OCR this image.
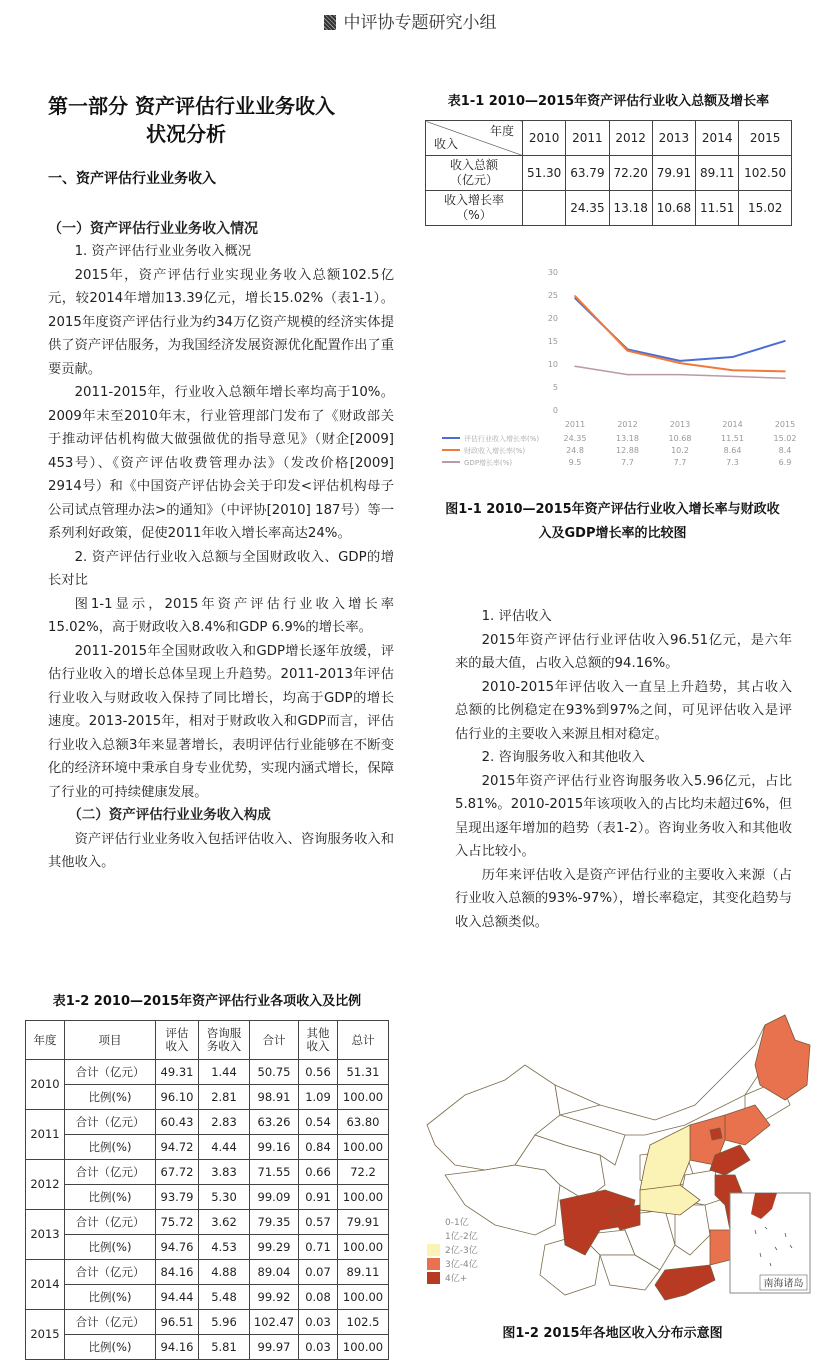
中评协专题研究小组
第一部分 资产评估行业业务收入
状况分析
一、资产评估行业业务收入
（一）资产评估行业业务收入情况

1. 资产评估行业业务收入概况

2015年，资产评估行业实现业务收入总额102.5亿元，较2014年增加13.39亿元，增长15.02%（表1-1）。2015年度资产评估行业为约34万亿资产规模的经济实体提供了资产评估服务，为我国经济发展资源优化配置作出了重要贡献。

2011-2015年，行业收入总额年增长率均高于10%。2009年末至2010年末，行业管理部门发布了《财政部关于推动评估机构做大做强做优的指导意见》（财企[2009] 453号）、《资产评估收费管理办法》（发改价格[2009] 2914号）和《中国资产评估协会关于印发<评估机构母子公司试点管理办法>的通知》（中评协[2010] 187号）等一系列利好政策，促使2011年收入增长率高达24%。

2. 资产评估行业收入总额与全国财政收入、GDP的增长对比

图1-1显示，2015年资产评估行业收入增长率15.02%，高于财政收入8.4%和GDP 6.9%的增长率。

2011-2015年全国财政收入和GDP增长逐年放缓，评估行业收入的增长总体呈现上升趋势。2011-2013年评估行业收入与财政收入保持了同比增长，均高于GDP的增长速度。2013-2015年，相对于财政收入和GDP而言，评估行业收入总额3年来显著增长，表明评估行业能够在不断变化的经济环境中秉承自身专业优势，实现内涵式增长，保障了行业的可持续健康发展。

（二）资产评估行业业务收入构成

资产评估行业业务收入包括评估收入、咨询服务收入和其他收入。

表1-1 2010—2015年资产评估行业收入总额及增长率
年度
收入	2010	2011	2012	2013	2014	2015
收入总额
（亿元）	51.30	63.79	72.20	79.91	89.11	102.50
收入增长率
（%）		24.35	13.18	10.68	11.51	15.02
0
5
10
15
20
25
30
2011	2012	2013	2014	2015
评估行业收入增长率(%)	24.35	13.18	10.68	11.51	15.02
财政收入增长率(%)	24.8	12.88	10.2	8.64	8.4
GDP增长率(%)	9.5	7.7	7.7	7.3	6.9
图1-1 2010—2015年资产评估行业收入增长率与财政收
入及GDP增长率的比较图

1. 评估收入

2015年资产评估行业评估收入96.51亿元，是六年来的最大值，占收入总额的94.16%。

2010-2015年评估收入一直呈上升趋势，其占收入总额的比例稳定在93%到97%之间，可见评估收入是评估行业的主要收入来源且相对稳定。

2. 咨询服务收入和其他收入

2015年资产评估行业咨询服务收入5.96亿元，占比5.81%。2010-2015年该项收入的占比均未超过6%，但呈现出逐年增加的趋势（表1-2）。咨询业务收入和其他收入占比较小。

历年来评估收入是资产评估行业的主要收入来源（占行业收入总额的93%-97%），增长率稳定，其变化趋势与收入总额类似。

表1-2 2010—2015年资产评估行业各项收入及比例
年度	项目	评估
收入	咨询服
务收入	合计	其他
收入	总计
2010	合计（亿元）	49.31	1.44	50.75	0.56	51.31
	比例(%)	96.10	2.81	98.91	1.09	100.00
2011	合计（亿元）	60.43	2.83	63.26	0.54	63.80
	比例(%)	94.72	4.44	99.16	0.84	100.00
2012	合计（亿元）	67.72	3.83	71.55	0.66	72.2
	比例(%)	93.79	5.30	99.09	0.91	100.00
2013	合计（亿元）	75.72	3.62	79.35	0.57	79.91
	比例(%)	94.76	4.53	99.29	0.71	100.00
2014	合计（亿元）	84.16	4.88	89.04	0.07	89.11
	比例(%)	94.44	5.48	99.92	0.08	100.00
2015	合计（亿元）	96.51	5.96	102.47	0.03	102.5
	比例(%)	94.16	5.81	99.97	0.03	100.00
0-1亿
1亿-2亿
2亿-3亿
3亿-4亿
4亿+	南海诸岛
图1-2 2015年各地区收入分布示意图
